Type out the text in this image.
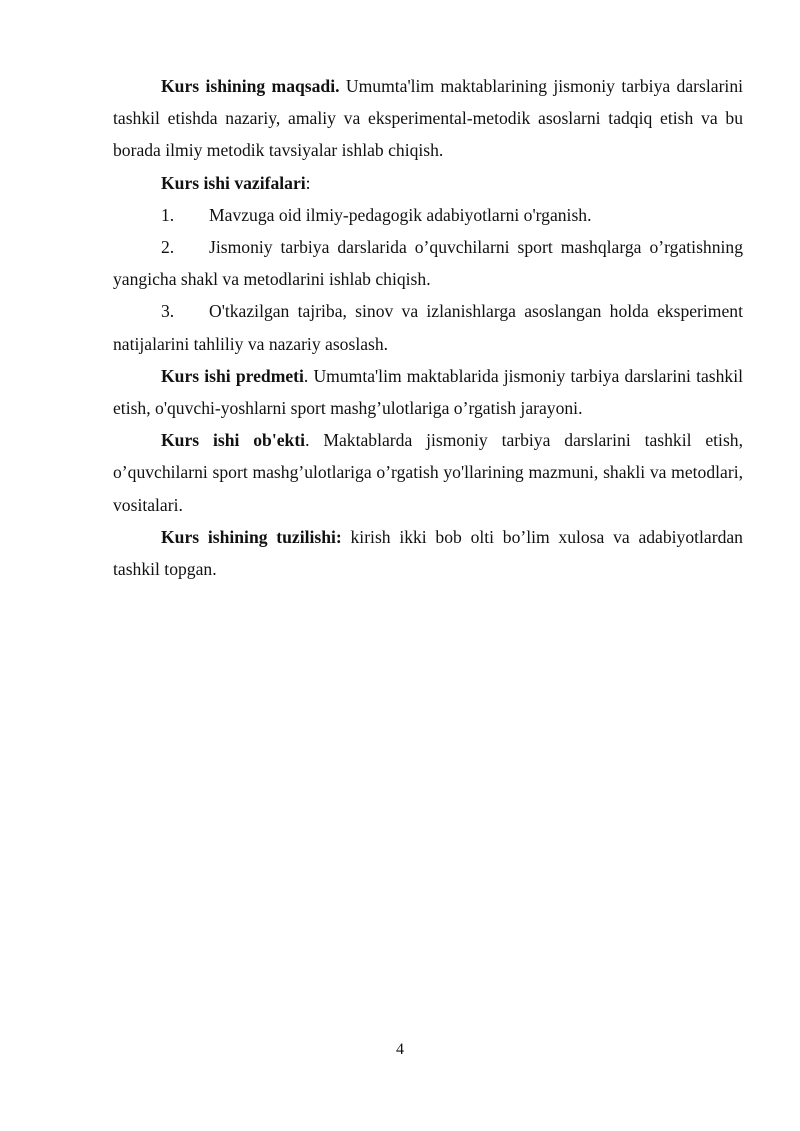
Kurs ishining maqsadi. Umumta'lim maktablarining jismoniy tarbiya darslarini tashkil etishda nazariy, amaliy va eksperimental-metodik asoslarni tadqiq etish va bu borada ilmiy metodik tavsiyalar ishlab chiqish.

Kurs ishi vazifalari:

1. Mavzuga oid ilmiy-pedagogik adabiyotlarni o'rganish.

2. Jismoniy tarbiya darslarida o’quvchilarni sport mashqlarga o’rgatishning yangicha shakl va metodlarini ishlab chiqish.

3. O'tkazilgan tajriba, sinov va izlanishlarga asoslangan holda eksperiment natijalarini tahliliy va nazariy asoslash.

Kurs ishi predmeti. Umumta'lim maktablarida jismoniy tarbiya darslarini tashkil etish, o'quvchi-yoshlarni sport mashg’ulotlariga o’rgatish jarayoni.

Kurs ishi ob'ekti. Maktablarda jismoniy tarbiya darslarini tashkil etish, o’quvchilarni sport mashg’ulotlariga o’rgatish yo'llarining mazmuni, shakli va metodlari, vositalari.

Kurs ishining tuzilishi: kirish ikki bob olti bo’lim xulosa va adabiyotlardan tashkil topgan.

4
